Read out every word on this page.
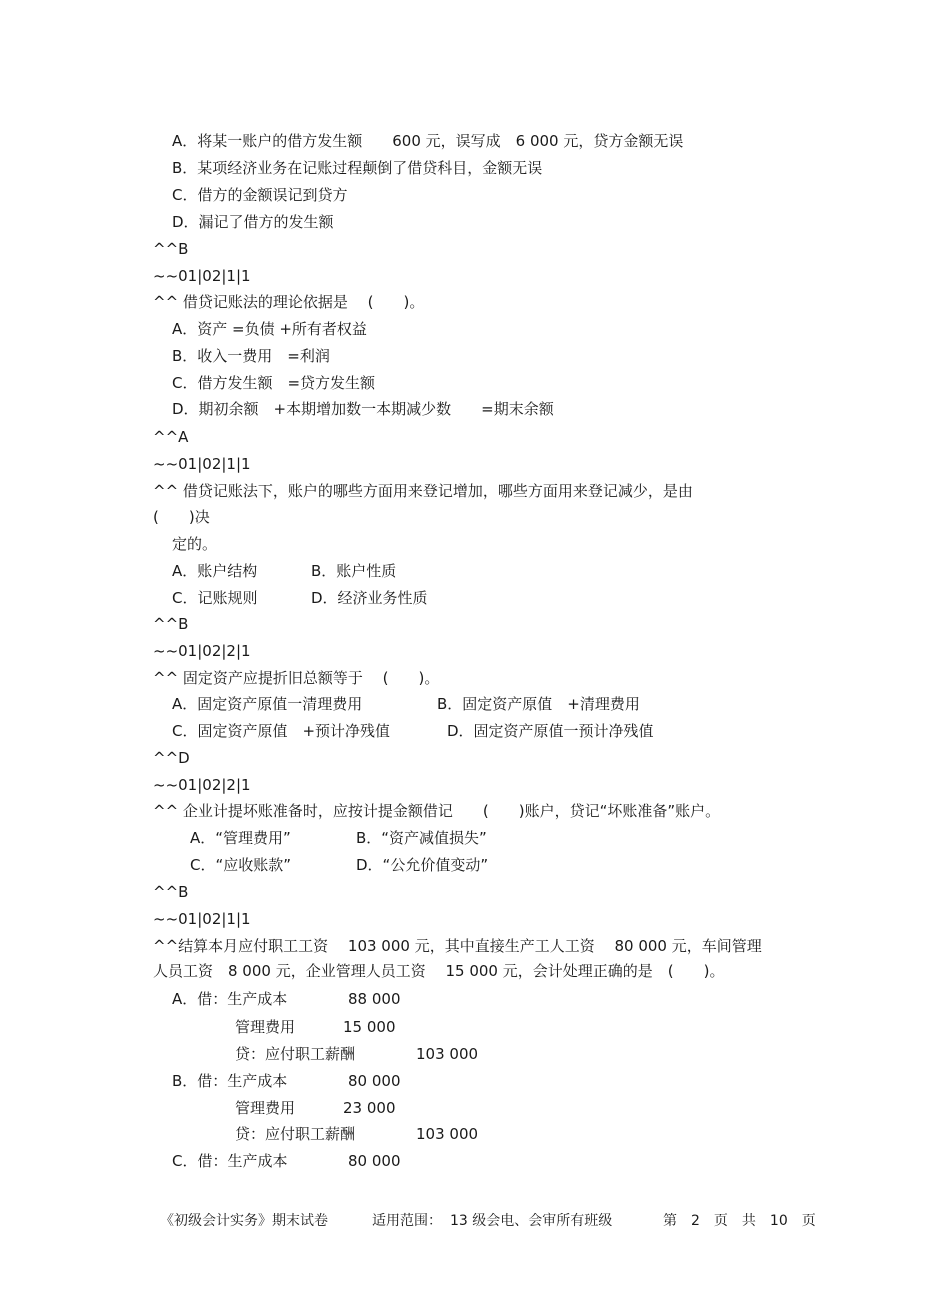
A．将某一账户的借方发生额　　600 元，误写成　6 000 元，贷方金额无误
B．某项经济业务在记账过程颠倒了借贷科目，金额无误
C．借方的金额误记到贷方
D．漏记了借方的发生额
^^B
~~01|02|1|1
^^ 借贷记账法的理论依据是　 (　　)。
A．资产 =负债 +所有者权益
B．收入一费用　=利润
C．借方发生额　=贷方发生额
D．期初余额　+本期增加数一本期减少数　　=期末余额
^^A
~~01|02|1|1
^^ 借贷记账法下，账户的哪些方面用来登记增加，哪些方面用来登记减少，是由
(　　)决
定的。
A．账户结构	B．账户性质
C．记账规则	D．经济业务性质
^^B
~~01|02|2|1
^^ 固定资产应提折旧总额等于　 (　　)。
A．固定资产原值一清理费用	B．固定资产原值　+清理费用
C．固定资产原值　+预计净残值	D．固定资产原值一预计净残值
^^D
~~01|02|2|1
^^ 企业计提坏账准备时，应按计提金额借记　　(　　)账户，贷记“坏账准备”账户。
A．“管理费用”	B．“资产减值损失”
C．“应收账款”	D．“公允价值变动”
^^B
~~01|02|1|1
^^结算本月应付职工工资　 103 000 元，其中直接生产工人工资　 80 000 元，车间管理
人员工资　8 000 元，企业管理人员工资　 15 000 元，会计处理正确的是　(　　)。
A．借：生产成本	88 000
管理费用	15 000
贷：应付职工薪酬	103 000
B．借：生产成本	80 000
管理费用	23 000
贷：应付职工薪酬	103 000
C．借：生产成本	80 000
《初级会计实务》期末试卷	适用范围： 13 级会电、会审所有班级	第　2　页　共　10　页
